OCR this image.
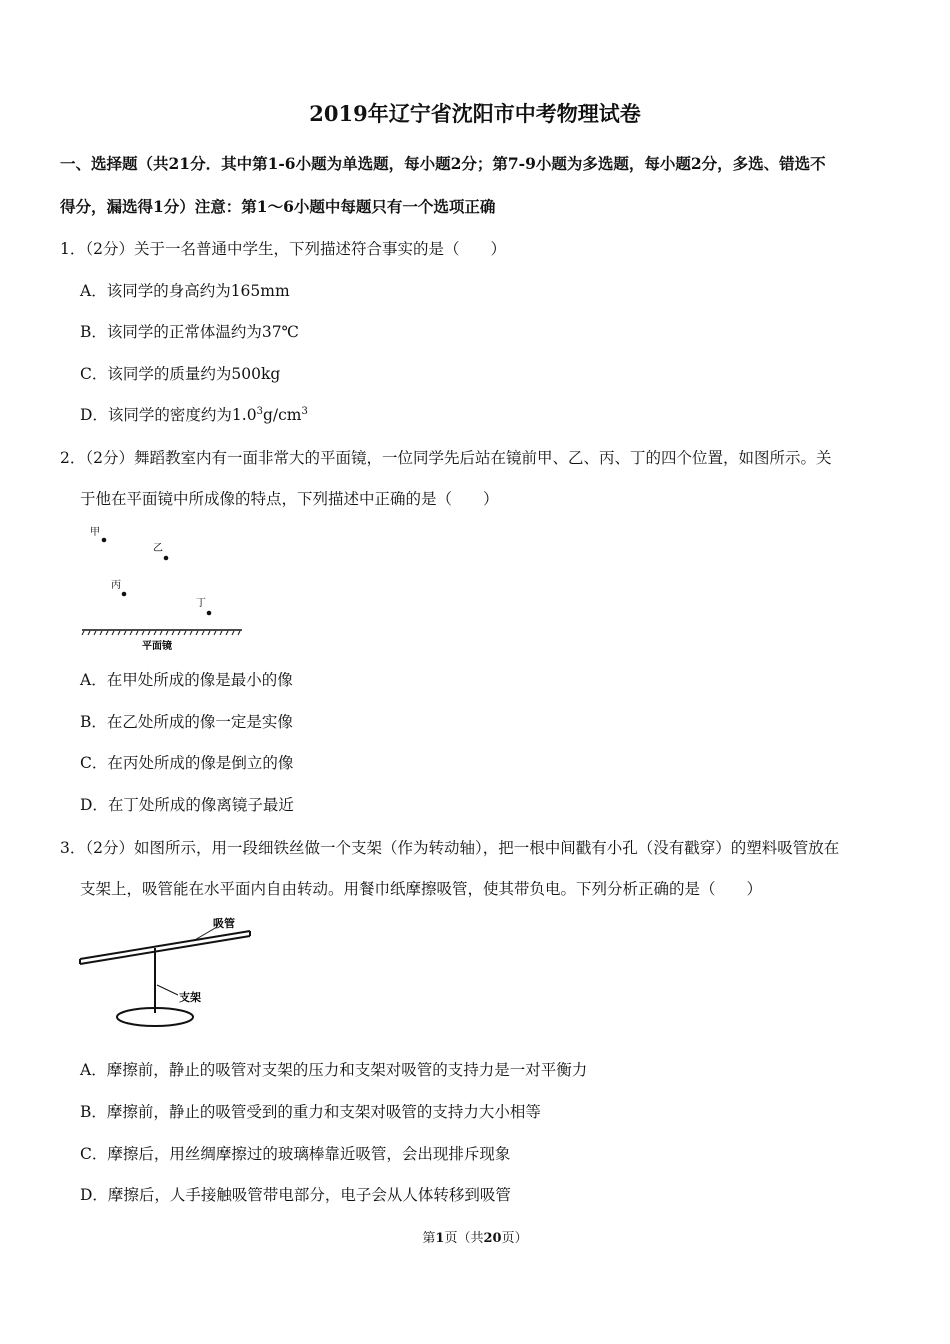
2019年辽宁省沈阳市中考物理试卷
一、选择题（共21分．其中第1-6小题为单选题，每小题2分；第7-9小题为多选题，每小题2分，多选、错选不
得分，漏选得1分）注意：第1～6小题中每题只有一个选项正确
1．（2分）关于一名普通中学生，下列描述符合事实的是（　　）
A．该同学的身高约为165mm
B．该同学的正常体温约为37℃
C．该同学的质量约为500kg
D．该同学的密度约为$1.0^3g/cm^3$
2．（2分）舞蹈教室内有一面非常大的平面镜，一位同学先后站在镜前甲、乙、丙、丁的四个位置，如图所示。关
于他在平面镜中所成像的特点，下列描述中正确的是（　　）
甲
乙
丙
丁
平面镜
A．在甲处所成的像是最小的像
B．在乙处所成的像一定是实像
C．在丙处所成的像是倒立的像
D．在丁处所成的像离镜子最近
3．（2分）如图所示，用一段细铁丝做一个支架（作为转动轴），把一根中间戳有小孔（没有戳穿）的塑料吸管放在
支架上，吸管能在水平面内自由转动。用餐巾纸摩擦吸管，使其带负电。下列分析正确的是（　　）
吸管
支架
A．摩擦前，静止的吸管对支架的压力和支架对吸管的支持力是一对平衡力
B．摩擦前，静止的吸管受到的重力和支架对吸管的支持力大小相等
C．摩擦后，用丝绸摩擦过的玻璃棒靠近吸管，会出现排斥现象
D．摩擦后，人手接触吸管带电部分，电子会从人体转移到吸管
第1页（共20页）
